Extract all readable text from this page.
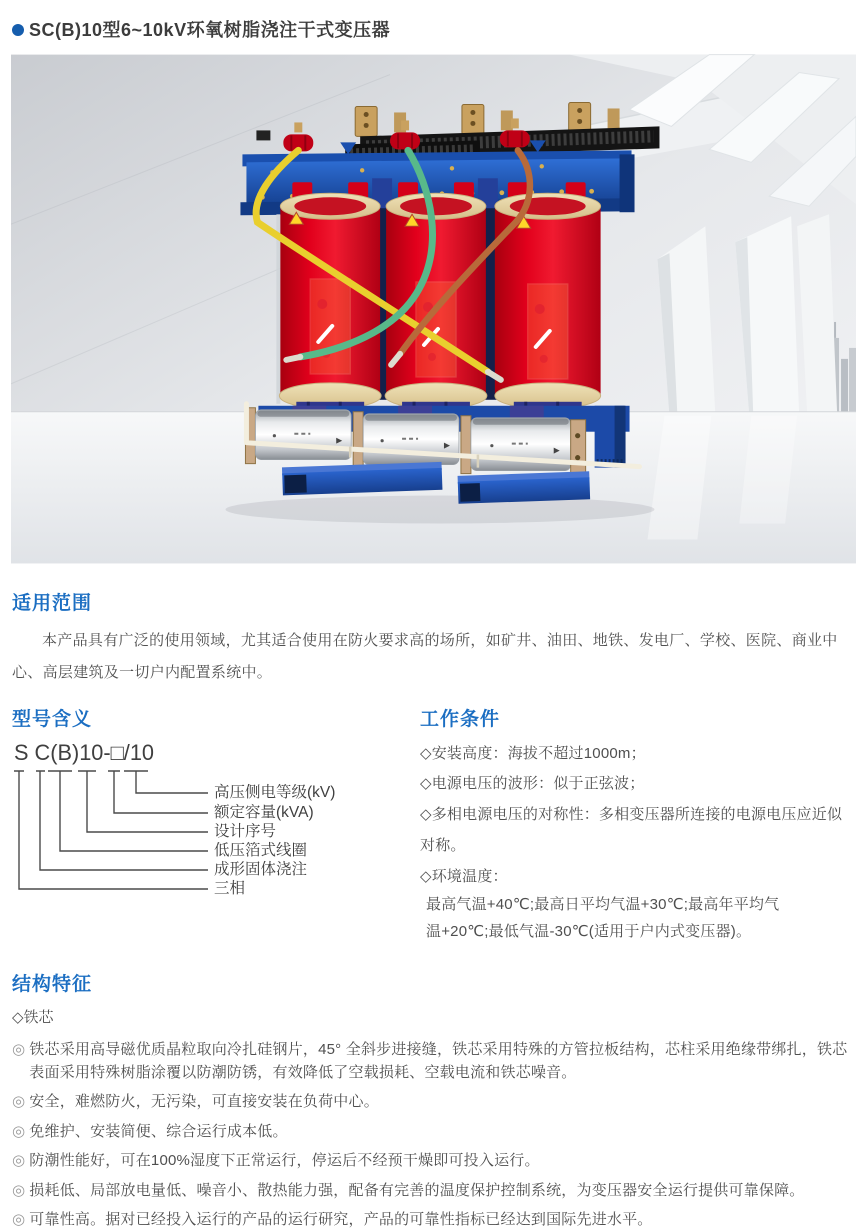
SC(B)10型6~10kV环氧树脂浇注干式变压器
适用范围

本产品具有广泛的使用领域，尤其适合使用在防火要求高的场所，如矿井、油田、地铁、发电厂、学校、医院、商业中心、高层建筑及一切户内配置系统中。

型号含义
S C(B)10-□/10
高压侧电等级(kV)
额定容量(kVA)
设计序号
低压箔式线圈
成形固体浇注
三相
工作条件
◇安装高度：海拔不超过1000m；
◇电源电压的波形：似于正弦波；
◇多相电源电压的对称性：多相变压器所连接的电源电压应近似对称。
◇环境温度：
最高气温+40℃;最高日平均气温+30℃;最高年平均气
温+20℃;最低气温-30℃(适用于户内式变压器)。
结构特征
◇铁芯
◎ 铁芯采用高导磁优质晶粒取向冷扎硅钢片，45° 全斜步进接缝，铁芯采用特殊的方管拉板结构，芯柱采用绝缘带绑扎，铁芯表面采用特殊树脂涂覆以防潮防锈，有效降低了空载损耗、空载电流和铁芯噪音。
◎ 安全，难燃防火，无污染，可直接安装在负荷中心。
◎ 免维护、安装简便、综合运行成本低。
◎ 防潮性能好，可在100%湿度下正常运行，停运后不经预干燥即可投入运行。
◎ 损耗低、局部放电量低、噪音小、散热能力强，配备有完善的温度保护控制系统，为变压器安全运行提供可靠保障。
◎ 可靠性高。据对已经投入运行的产品的运行研究，产品的可靠性指标已经达到国际先进水平。
